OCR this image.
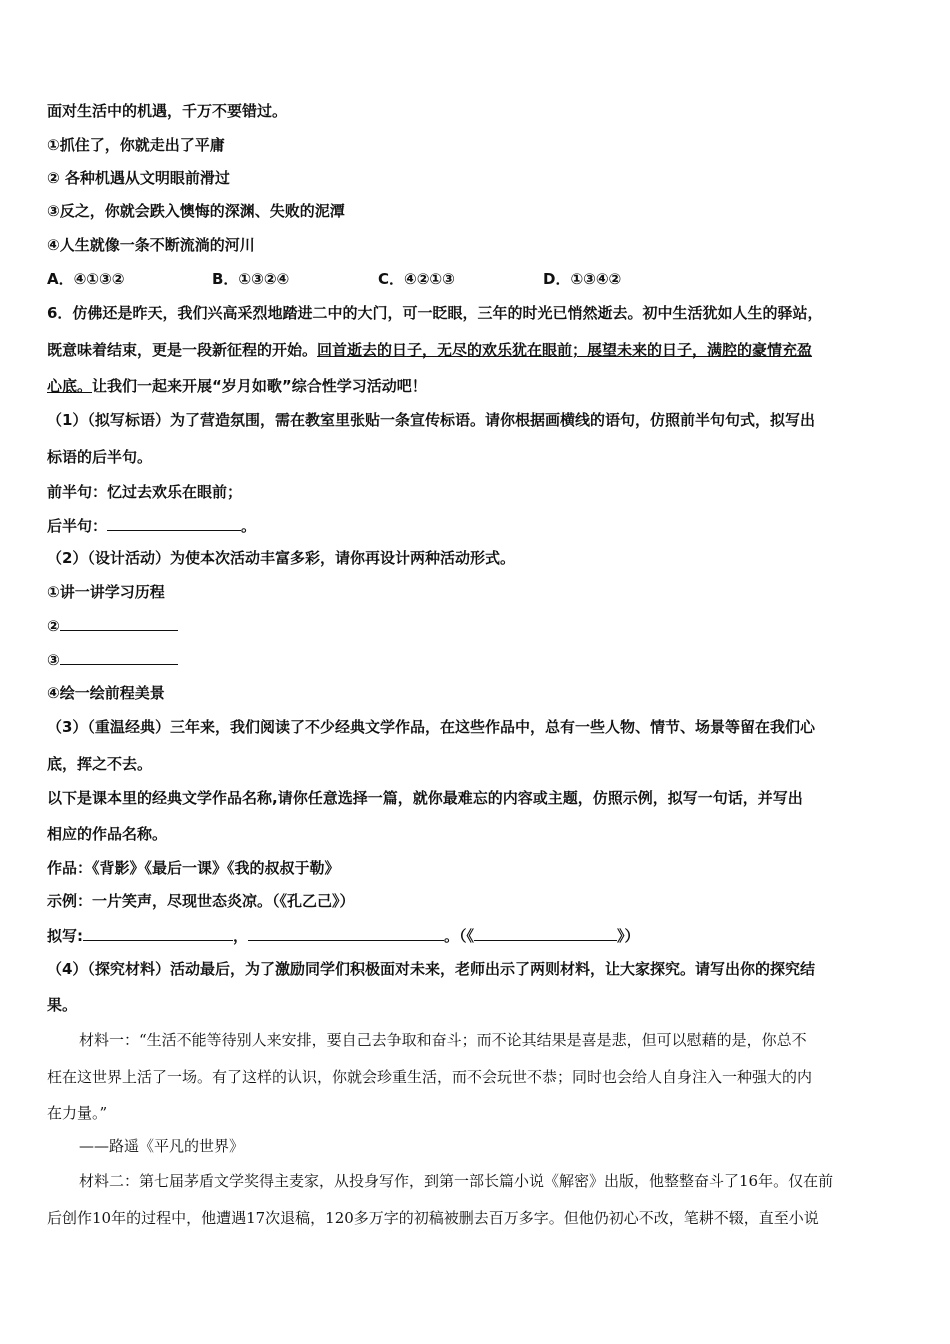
面对生活中的机遇，千万不要错过。
①抓住了，你就走出了平庸
② 各种机遇从文明眼前滑过
③反之，你就会跌入懊悔的深渊、失败的泥潭
④人生就像一条不断流淌的河川
A．④①③②	B．①③②④	C．④②①③	D．①③④②
6．仿佛还是昨天，我们兴高采烈地踏进二中的大门，可一眨眼，三年的时光已悄然逝去。初中生活犹如人生的驿站，
既意味着结束，更是一段新征程的开始。回首逝去的日子，无尽的欢乐犹在眼前；展望未来的日子，满腔的豪情充盈
心底。让我们一起来开展“岁月如歌”综合性学习活动吧！
（1）（拟写标语）为了营造氛围，需在教室里张贴一条宣传标语。请你根据画横线的语句，仿照前半句句式，拟写出
标语的后半句。
前半句：忆过去欢乐在眼前；
后半句：	。
（2）（设计活动）为使本次活动丰富多彩，请你再设计两种活动形式。
①讲一讲学习历程
②
③
④绘一绘前程美景
（3）（重温经典）三年来，我们阅读了不少经典文学作品，在这些作品中，总有一些人物、情节、场景等留在我们心
底，挥之不去。
以下是课本里的经典文学作品名称,请你任意选择一篇，就你最难忘的内容或主题，仿照示例，拟写一句话，并写出
相应的作品名称。
作品：《背影》《最后一课》《我的叔叔于勒》
示例：一片笑声，尽现世态炎凉。（《孔乙己》）
拟写:	，	。（《	》）
（4）（探究材料）活动最后，为了激励同学们积极面对未来，老师出示了两则材料，让大家探究。请写出你的探究结
果。
材料一：“生活不能等待别人来安排，要自己去争取和奋斗；而不论其结果是喜是悲，但可以慰藉的是，你总不
枉在这世界上活了一场。有了这样的认识，你就会珍重生活，而不会玩世不恭；同时也会给人自身注入一种强大的内
在力量。”
——路遥《平凡的世界》
材料二：第七届茅盾文学奖得主麦家，从投身写作，到第一部长篇小说《解密》出版，他整整奋斗了16年。仅在前
后创作10年的过程中，他遭遇17次退稿，120多万字的初稿被删去百万多字。但他仍初心不改，笔耕不辍，直至小说
